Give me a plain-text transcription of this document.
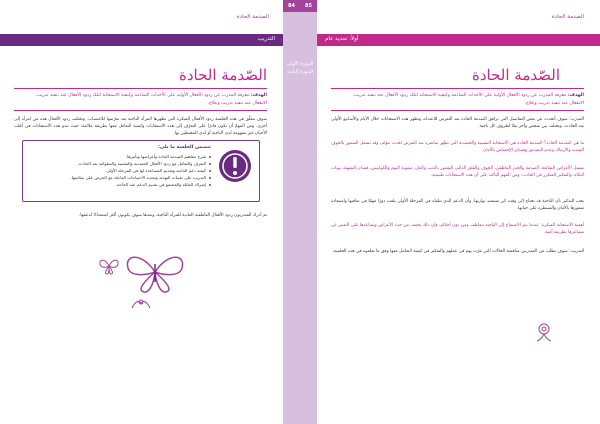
الصدمة الحادة
التدريب
الصّدمة الحادة
الهدف: معرفة المدرب عن ردود الأفعال الأولية على الأحداث الصادمة وكيفية الاستجابة لتلك ردود الأفعال عند تنفيذ تدريب.
الانفعال عند تنفيذ تدريب وعلاج.
سوف تتعلّق في هذه الجلسة ردود الأفعال المبكرة التي تظهرها المرأة الناجية بعد تعرّضها للاعتصاب. وتختلف ردود الأفعال هذه من امرأة إلى أخرى. ومن المهمّ أن تكون قادرًا على التعرّف إلى هذه الاستجابات وكيفية التعامل معها بطريقة ملائمة، حيث تبدو هذه الاستجابات في أغلب الأحيان غير مفهومة لدى الناجية أو لدى المحيطين بها.
تتضمن الجلسة ما يلي:
شرح مفاهيم الصدمة الحادة وأعراضها وتأثيرها.
التعرف والتعامل مع ردود الأفعال الجسدية والنفسية والسلوكية بعد الحادث.
كيفية دعم الناجية وتقديم المساعدة لها في المرحلة الأولى.
التدريب على تقنيات التهدئة وتحديد الاحتياجات العاجلة مع الحرص على سلامتها.
إشراك العائلة والمجتمع في تقديم الدعم عند الحاجة.
ثم أدرك المتدربون ردود الأفعال العاطفية العادية للمرأة الناجية، وبعدها سوف يكونون أكثر استعدادًا لدعمها.
84 85
الدورة الأولى
الدورة الثانية
الصدمة الحادة
أولاً: تحديد عام
الصّدمة الحادة
الهدف: معرفة المدرب عن ردود الأفعال الأولية على الأحداث الصادمة وكيفية الاستجابة لتلك ردود الأفعال عند تنفيذ تدريب.
الانفعال عند تنفيذ تدريب وعلاج.
المدرب: سوف أتحدث عن بعض التفاصيل التي ترافق الصدمة الحادة بعد التعرض للاعتداء، وتظهر هذه الاستجابات خلال الأيام والأسابيع الأولى بعد الحادث، وتختلف بين شخص وآخر تبعًا لظروف كل ناجية.
ما هي الصدمة الحادة؟ الصدمة الحادة هي الاستجابة النفسية والجسدية التي تظهر مباشرة بعد التعرض لحدث مؤلم، وقد تشمل الشعور بالخوف الشديد والارتباك وعدم التصديق وفقدان الإحساس بالأمان.
تشمل الأعراض الشائعة: الصدمة والخدر العاطفي، الخوف والقلق الدائم، الشعور بالذنب والعار، صعوبة النوم والكوابيس، فقدان الشهية، نوبات البكاء، والتفكير المتكرر في الحادث. ومن المهم التأكيد على أن هذه الاستجابات طبيعية.
يجب التذكير بأن الناجية قد تحتاج إلى وقت كي تستعيد توازنها، وأن الدعم الذي تتلقاه في المرحلة الأولى يلعب دورًا مهمًا في تعافيها واستعادة شعورها بالأمان والسيطرة على حياتها.
أهمية الاستجابة المبكرة: عندما يتم الاستماع إلى الناجية بتعاطف ومن دون أحكام، فإن ذلك يخفف من حدة الأعراض ويساعدها على التعبير عن مشاعرها بطريقة آمنة.
التدريب: سوف تطلب من المتدربين مناقشة الحالات التي مرّت بهم في عملهم والتفكير في كيفية التعامل معها وفق ما تعلموه في هذه الجلسة.
